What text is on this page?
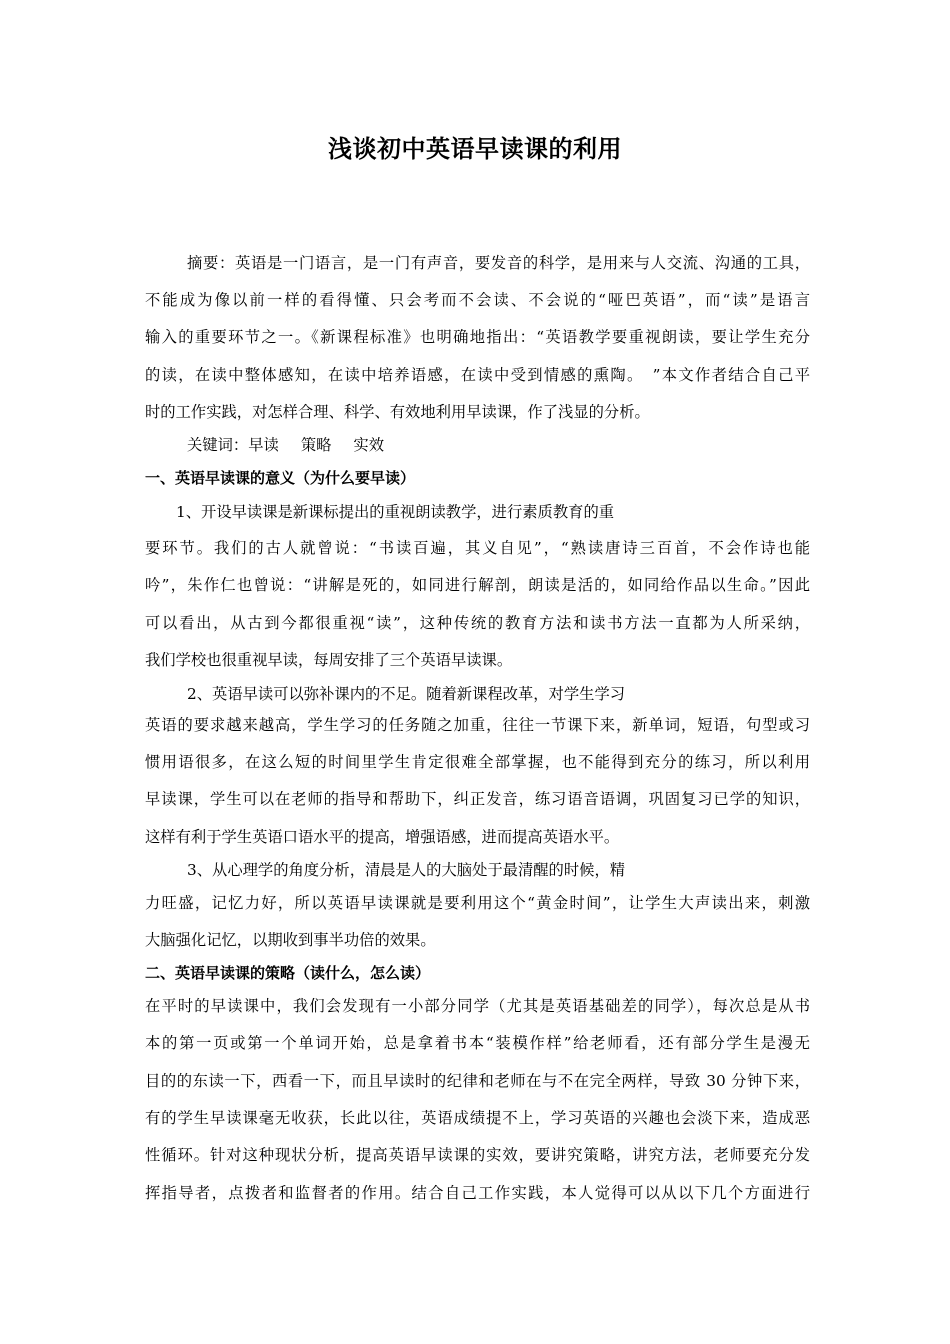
浅谈初中英语早读课的利用
摘要：英语是一门语言，是一门有声音，要发音的科学，是用来与人交流、沟通的工具，
不能成为像以前一样的看得懂、只会考而不会读、不会说的“哑巴英语”，而“读”是语言
输入的重要环节之一。《新课程标准》也明确地指出：“英语教学要重视朗读，要让学生充分
的读，在读中整体感知，在读中培养语感，在读中受到情感的熏陶。　”本文作者结合自己平
时的工作实践，对怎样合理、科学、有效地利用早读课，作了浅显的分析。
关键词：早读 策略 实效
一、英语早读课的意义（为什么要早读）
1、开设早读课是新课标提出的重视朗读教学，进行素质教育的重
要环节。我们的古人就曾说：“书读百遍，其义自见”，“熟读唐诗三百首，不会作诗也能
吟”，朱作仁也曾说：“讲解是死的，如同进行解剖，朗读是活的，如同给作品以生命。”因此
可以看出，从古到今都很重视“读”，这种传统的教育方法和读书方法一直都为人所采纳，
我们学校也很重视早读，每周安排了三个英语早读课。
2、英语早读可以弥补课内的不足。随着新课程改革，对学生学习
英语的要求越来越高，学生学习的任务随之加重，往往一节课下来，新单词，短语，句型或习
惯用语很多，在这么短的时间里学生肯定很难全部掌握，也不能得到充分的练习，所以利用
早读课，学生可以在老师的指导和帮助下，纠正发音，练习语音语调，巩固复习已学的知识，
这样有利于学生英语口语水平的提高，增强语感，进而提高英语水平。
3、从心理学的角度分析，清晨是人的大脑处于最清醒的时候，精
力旺盛，记忆力好，所以英语早读课就是要利用这个“黄金时间”，让学生大声读出来，刺激
大脑强化记忆，以期收到事半功倍的效果。
二、英语早读课的策略（读什么，怎么读）
在平时的早读课中，我们会发现有一小部分同学（尤其是英语基础差的同学），每次总是从书
本的第一页或第一个单词开始，总是拿着书本“装模作样”给老师看，还有部分学生是漫无
目的的东读一下，西看一下，而且早读时的纪律和老师在与不在完全两样，导致 30 分钟下来，
有的学生早读课毫无收获，长此以往，英语成绩提不上，学习英语的兴趣也会淡下来，造成恶
性循环。针对这种现状分析，提高英语早读课的实效，要讲究策略，讲究方法，老师要充分发
挥指导者，点拨者和监督者的作用。结合自己工作实践，本人觉得可以从以下几个方面进行
